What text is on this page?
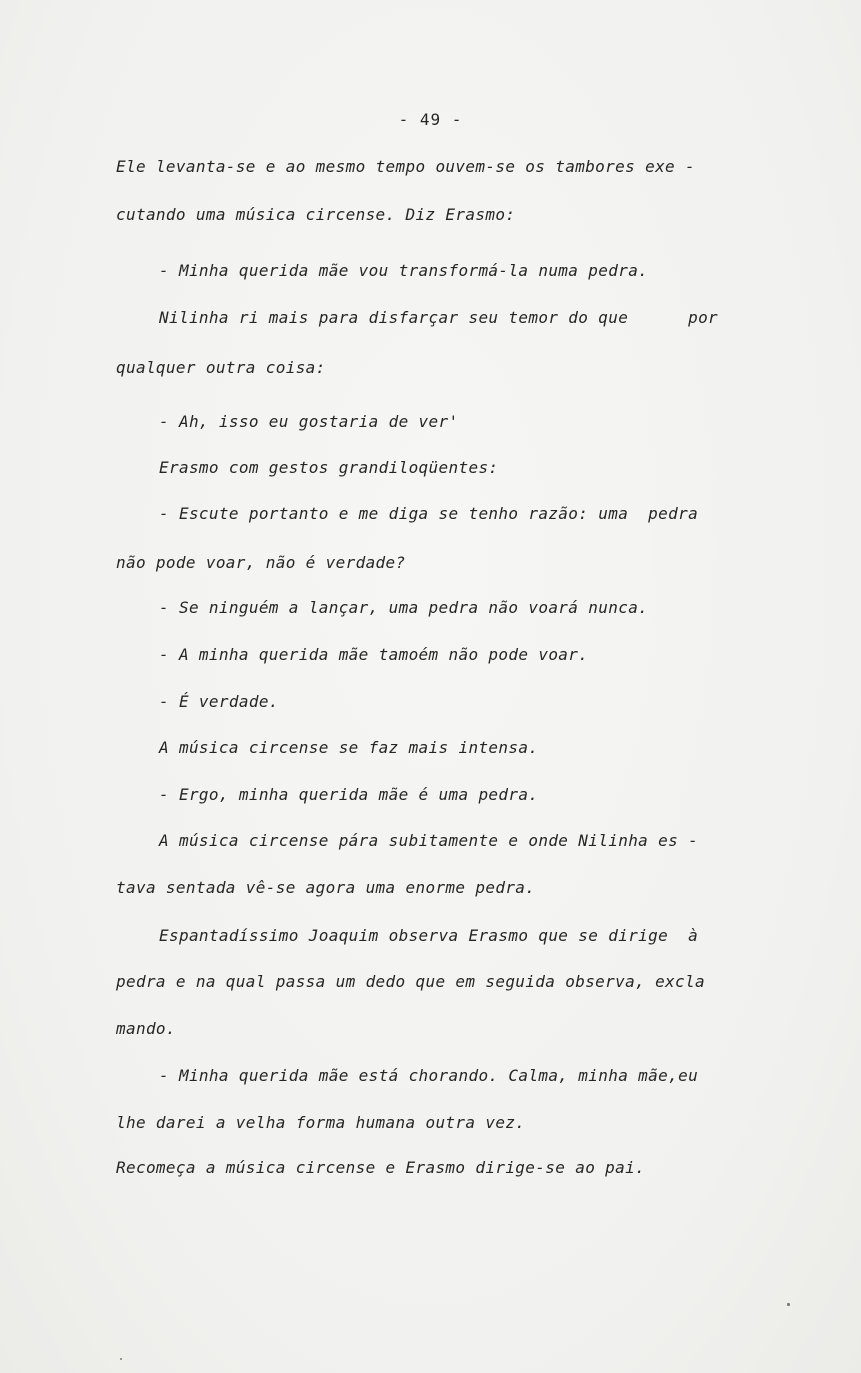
- 49 -
Ele levanta-se e ao mesmo tempo ouvem-se os tambores exe -
cutando uma música circense. Diz Erasmo:
- Minha querida mãe vou transformá-la numa pedra.
Nilinha ri mais para disfarçar seu temor do que      por
qualquer outra coisa:
- Ah, isso eu gostaria de ver'
Erasmo com gestos grandiloqüentes:
- Escute portanto e me diga se tenho razão: uma  pedra
não pode voar, não é verdade?
- Se ninguém a lançar, uma pedra não voará nunca.
- A minha querida mãe tamoém não pode voar.
- É verdade.
A música circense se faz mais intensa.
- Ergo, minha querida mãe é uma pedra.
A música circense pára subitamente e onde Nilinha es -
tava sentada vê-se agora uma enorme pedra.
Espantadíssimo Joaquim observa Erasmo que se dirige  à
pedra e na qual passa um dedo que em seguida observa, excla
mando.
- Minha querida mãe está chorando. Calma, minha mãe,eu
lhe darei a velha forma humana outra vez.
Recomeça a música circense e Erasmo dirige-se ao pai.
